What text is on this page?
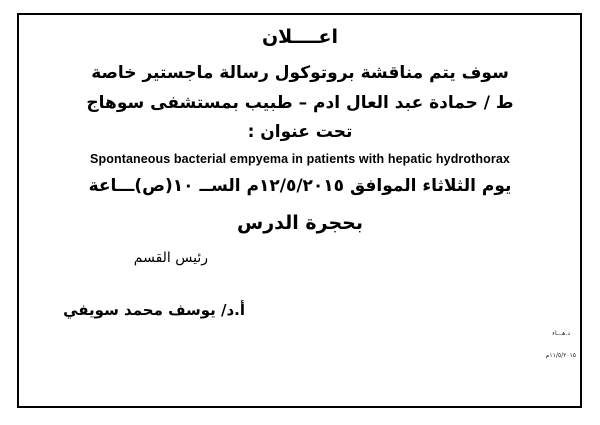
اعــــلان
سوف يتم مناقشة بروتوكول رسالة ماجستير خاصة
ط / حمادة عبد العال ادم – طبيب بمستشفى سوهاج
تحت عنوان :
Spontaneous bacterial empyema in patients with hepatic hydrothorax
يوم الثلاثاء الموافق ١٢/٥/٢٠١٥م الســ ١٠(ص)ـــاعة
بحجرة الدرس
رئيس القسم
أ.د/ يوسف محمد سويفي
د.هـ.ـاء
١١/٥/٢٠١٥م
